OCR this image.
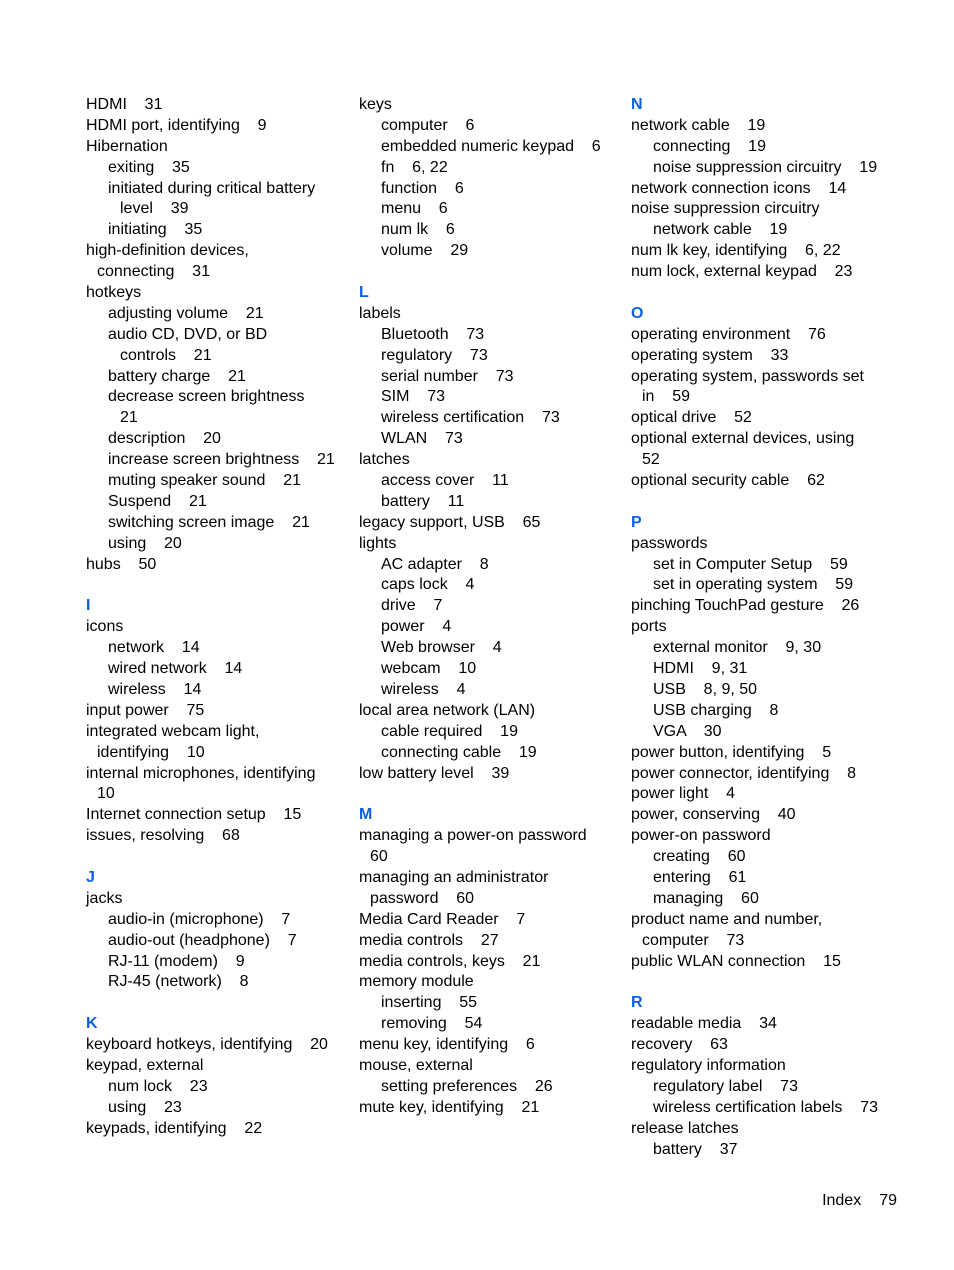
HDMI    31
HDMI port, identifying    9
Hibernation
exiting    35
initiated during critical battery
level    39
initiating    35
high-definition devices,
connecting    31
hotkeys
adjusting volume    21
audio CD, DVD, or BD
controls    21
battery charge    21
decrease screen brightness
21
description    20
increase screen brightness    21
muting speaker sound    21
Suspend    21
switching screen image    21
using    20
hubs    50
I
icons
network    14
wired network    14
wireless    14
input power    75
integrated webcam light,
identifying    10
internal microphones, identifying
10
Internet connection setup    15
issues, resolving    68
J
jacks
audio-in (microphone)    7
audio-out (headphone)    7
RJ-11 (modem)    9
RJ-45 (network)    8
K
keyboard hotkeys, identifying    20
keypad, external
num lock    23
using    23
keypads, identifying    22
keys
computer    6
embedded numeric keypad    6
fn    6, 22
function    6
menu    6
num lk    6
volume    29
L
labels
Bluetooth    73
regulatory    73
serial number    73
SIM    73
wireless certification    73
WLAN    73
latches
access cover    11
battery    11
legacy support, USB    65
lights
AC adapter    8
caps lock    4
drive    7
power    4
Web browser    4
webcam    10
wireless    4
local area network (LAN)
cable required    19
connecting cable    19
low battery level    39
M
managing a power-on password
60
managing an administrator
password    60
Media Card Reader    7
media controls    27
media controls, keys    21
memory module
inserting    55
removing    54
menu key, identifying    6
mouse, external
setting preferences    26
mute key, identifying    21
N
network cable    19
connecting    19
noise suppression circuitry    19
network connection icons    14
noise suppression circuitry
network cable    19
num lk key, identifying    6, 22
num lock, external keypad    23
O
operating environment    76
operating system    33
operating system, passwords set
in    59
optical drive    52
optional external devices, using
52
optional security cable    62
P
passwords
set in Computer Setup    59
set in operating system    59
pinching TouchPad gesture    26
ports
external monitor    9, 30
HDMI    9, 31
USB    8, 9, 50
USB charging    8
VGA    30
power button, identifying    5
power connector, identifying    8
power light    4
power, conserving    40
power-on password
creating    60
entering    61
managing    60
product name and number,
computer    73
public WLAN connection    15
R
readable media    34
recovery    63
regulatory information
regulatory label    73
wireless certification labels    73
release latches
battery    37
Index 79
